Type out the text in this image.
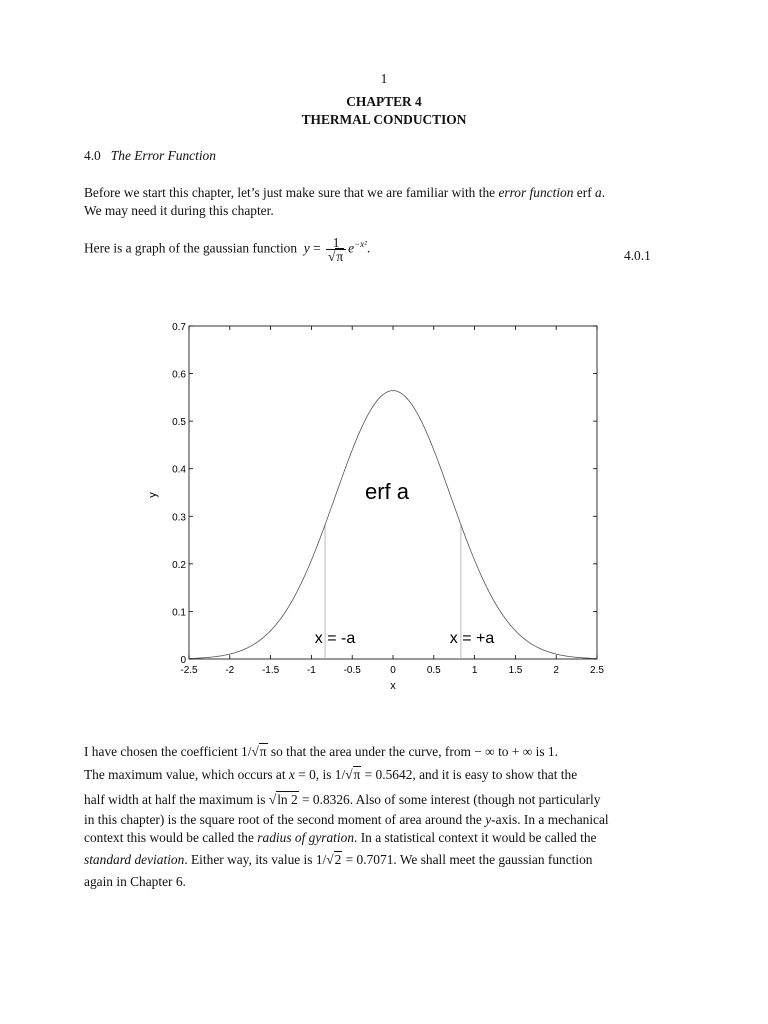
1
CHAPTER 4
THERMAL CONDUCTION
4.0 The Error Function
Before we start this chapter, let’s just make sure that we are familiar with the error function erf a.
We may need it during this chapter.
Here is a graph of the gaussian function $y = \frac{1}{√\pi} e^{-x^2}$.	4.0.1
0
0.1
0.2
0.3
0.4
0.5
0.6
0.7
-2.5	-2	-1.5	-1	-0.5	0	0.5	1	1.5	2	2.5
erf a
x = -a	x = +a
x
y
I have chosen the coefficient 1/√π so that the area under the curve, from − ∞ to + ∞ is 1.
The maximum value, which occurs at x = 0, is 1/√π = 0.5642, and it is easy to show that the
half width at half the maximum is √ln 2 = 0.8326. Also of some interest (though not particularly
in this chapter) is the square root of the second moment of area around the y-axis. In a mechanical
context this would be called the radius of gyration. In a statistical context it would be called the
standard deviation. Either way, its value is 1/√2 = 0.7071. We shall meet the gaussian function
again in Chapter 6.
